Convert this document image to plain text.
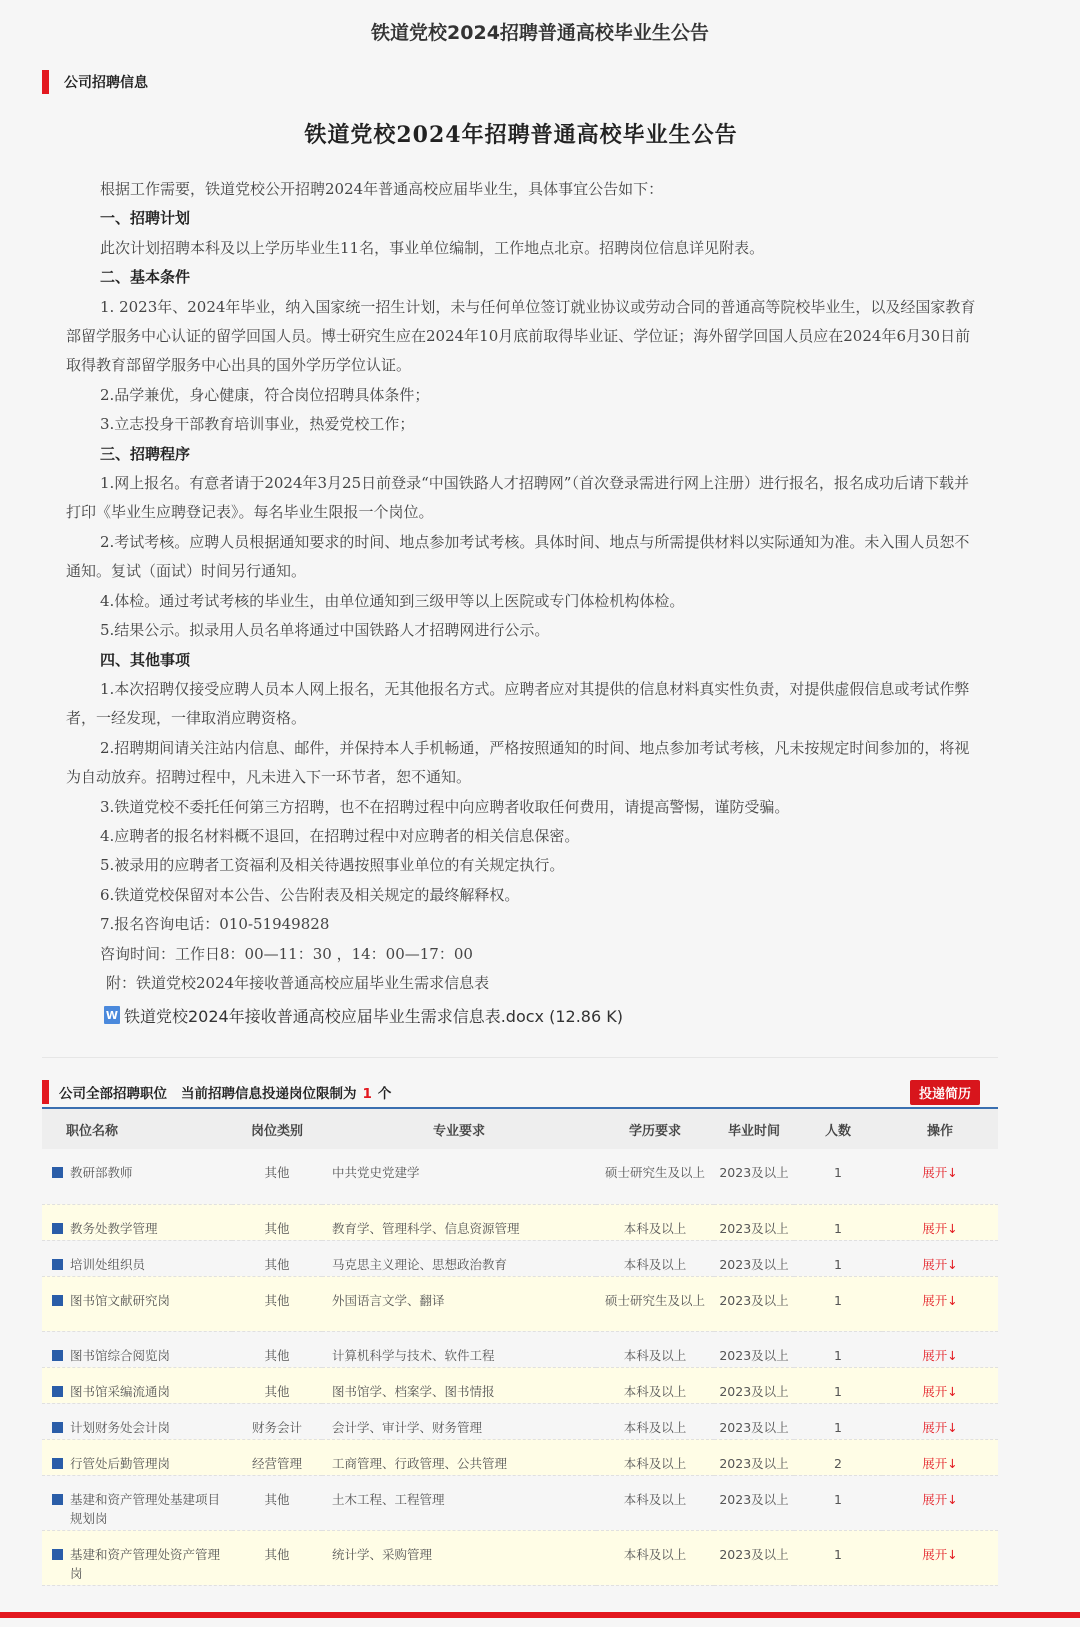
铁道党校2024招聘普通高校毕业生公告
公司招聘信息
铁道党校2024年招聘普通高校毕业生公告

根据工作需要，铁道党校公开招聘2024年普通高校应届毕业生，具体事宜公告如下：

一、招聘计划

此次计划招聘本科及以上学历毕业生11名，事业单位编制，工作地点北京。招聘岗位信息详见附表。

二、基本条件

1. 2023年、2024年毕业，纳入国家统一招生计划，未与任何单位签订就业协议或劳动合同的普通高等院校毕业生，以及经国家教育部留学服务中心认证的留学回国人员。博士研究生应在2024年10月底前取得毕业证、学位证；海外留学回国人员应在2024年6月30日前取得教育部留学服务中心出具的国外学历学位认证。

2.品学兼优，身心健康，符合岗位招聘具体条件；

3.立志投身干部教育培训事业，热爱党校工作；

三、招聘程序

1.网上报名。有意者请于2024年3月25日前登录“中国铁路人才招聘网”（首次登录需进行网上注册）进行报名，报名成功后请下载并打印《毕业生应聘登记表》。每名毕业生限报一个岗位。

2.考试考核。应聘人员根据通知要求的时间、地点参加考试考核。具体时间、地点与所需提供材料以实际通知为准。未入围人员恕不通知。复试（面试）时间另行通知。

4.体检。通过考试考核的毕业生，由单位通知到三级甲等以上医院或专门体检机构体检。

5.结果公示。拟录用人员名单将通过中国铁路人才招聘网进行公示。

四、其他事项

1.本次招聘仅接受应聘人员本人网上报名，无其他报名方式。应聘者应对其提供的信息材料真实性负责，对提供虚假信息或考试作弊者，一经发现，一律取消应聘资格。

2.招聘期间请关注站内信息、邮件，并保持本人手机畅通，严格按照通知的时间、地点参加考试考核，凡未按规定时间参加的，将视为自动放弃。招聘过程中，凡未进入下一环节者，恕不通知。

3.铁道党校不委托任何第三方招聘，也不在招聘过程中向应聘者收取任何费用，请提高警惕，谨防受骗。

4.应聘者的报名材料概不退回，在招聘过程中对应聘者的相关信息保密。

5.被录用的应聘者工资福利及相关待遇按照事业单位的有关规定执行。

6.铁道党校保留对本公告、公告附表及相关规定的最终解释权。

7.报名咨询电话：010-51949828

咨询时间：工作日8：00—11：30 ，14：00—17：00

附：铁道党校2024年接收普通高校应届毕业生需求信息表

W 铁道党校2024年接收普通高校应届毕业生需求信息表.docx (12.86 K)
公司全部招聘职位 当前招聘信息投递岗位限制为 1 个	投递简历
职位名称	岗位类别	专业要求	学历要求	毕业时间	人数	操作

教研部教师	其他	中共党史党建学	硕士研究生及以上	2023及以上	1	展开↓

教务处教学管理	其他	教育学、管理科学、信息资源管理	本科及以上	2023及以上	1	展开↓

培训处组织员	其他	马克思主义理论、思想政治教育	本科及以上	2023及以上	1	展开↓

图书馆文献研究岗	其他	外国语言文学、翻译	硕士研究生及以上	2023及以上	1	展开↓

图书馆综合阅览岗	其他	计算机科学与技术、软件工程	本科及以上	2023及以上	1	展开↓

图书馆采编流通岗	其他	图书馆学、档案学、图书情报	本科及以上	2023及以上	1	展开↓

计划财务处会计岗	财务会计	会计学、审计学、财务管理	本科及以上	2023及以上	1	展开↓

行管处后勤管理岗	经营管理	工商管理、行政管理、公共管理	本科及以上	2023及以上	2	展开↓

基建和资产管理处基建项目规划岗	其他	土木工程、工程管理	本科及以上	2023及以上	1	展开↓

基建和资产管理处资产管理岗	其他	统计学、采购管理	本科及以上	2023及以上	1	展开↓
